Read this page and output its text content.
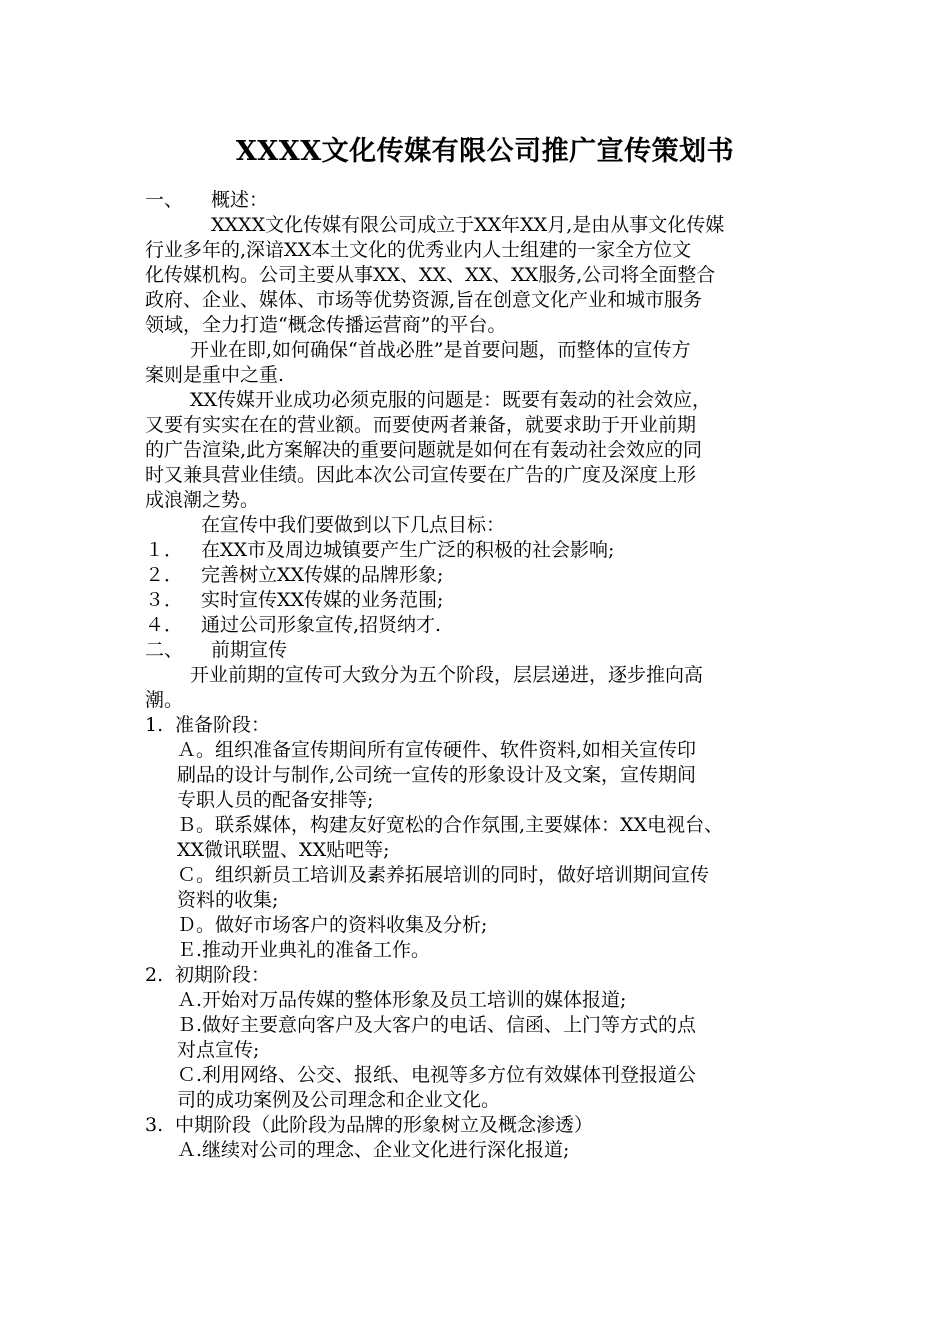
XXXX文化传媒有限公司推广宣传策划书

一、 概述：

XXXX文化传媒有限公司成立于XX年XX月,是由从事文化传媒

行业多年的,深谙XX本土文化的优秀业内人士组建的一家全方位文

化传媒机构。公司主要从事XX、XX、XX、XX服务,公司将全面整合

政府、企业、媒体、市场等优势资源,旨在创意文化产业和城市服务

领域，全力打造“概念传播运营商”的平台。

开业在即,如何确保“首战必胜”是首要问题，而整体的宣传方

案则是重中之重.

XX传媒开业成功必须克服的问题是：既要有轰动的社会效应，

又要有实实在在的营业额。而要使两者兼备，就要求助于开业前期

的广告渲染,此方案解决的重要问题就是如何在有轰动社会效应的同

时又兼具营业佳绩。因此本次公司宣传要在广告的广度及深度上形

成浪潮之势。

在宣传中我们要做到以下几点目标：

１． 在XX市及周边城镇要产生广泛的积极的社会影响;

２． 完善树立XX传媒的品牌形象;

３． 实时宣传XX传媒的业务范围;

４． 通过公司形象宣传,招贤纳才.

二、 前期宣传

开业前期的宣传可大致分为五个阶段，层层递进，逐步推向高

潮。

1. 准备阶段：

Ａ。组织准备宣传期间所有宣传硬件、软件资料,如相关宣传印

刷品的设计与制作,公司统一宣传的形象设计及文案，宣传期间

专职人员的配备安排等;

Ｂ。联系媒体，构建友好宽松的合作氛围,主要媒体：XX电视台、

XX微讯联盟、XX贴吧等;

Ｃ。组织新员工培训及素养拓展培训的同时，做好培训期间宣传

资料的收集;

Ｄ。做好市场客户的资料收集及分析;

Ｅ.推动开业典礼的准备工作。

2. 初期阶段：

Ａ.开始对万品传媒的整体形象及员工培训的媒体报道;

Ｂ.做好主要意向客户及大客户的电话、信函、上门等方式的点

对点宣传;

Ｃ.利用网络、公交、报纸、电视等多方位有效媒体刊登报道公

司的成功案例及公司理念和企业文化。

3. 中期阶段（此阶段为品牌的形象树立及概念渗透）

Ａ.继续对公司的理念、企业文化进行深化报道;
